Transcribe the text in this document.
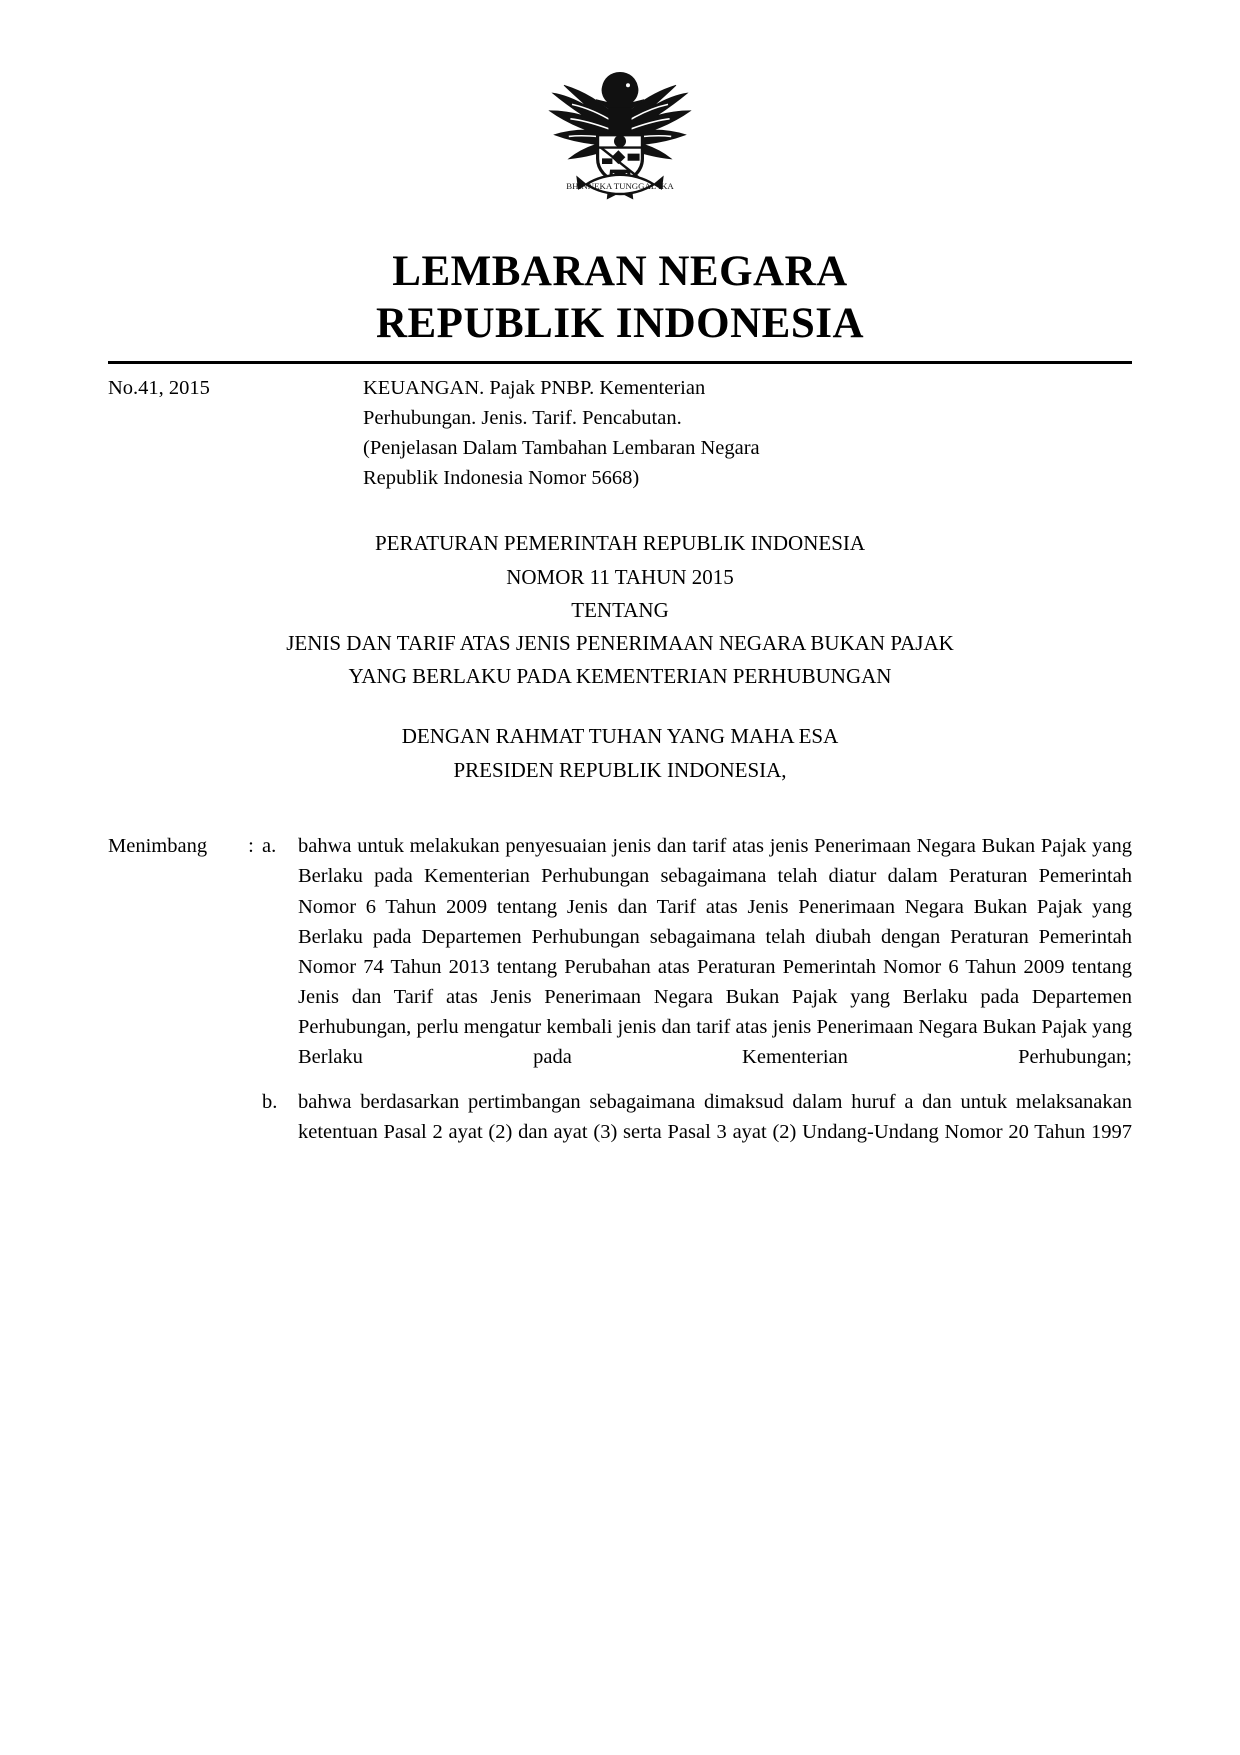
BHINNEKA TUNGGAL IKA
LEMBARAN NEGARA
REPUBLIK INDONESIA
No.41, 2015	KEUANGAN. Pajak PNBP. Kementerian

Perhubungan. Jenis. Tarif. Pencabutan.

(Penjelasan Dalam Tambahan Lembaran Negara

Republik Indonesia Nomor 5668)

PERATURAN PEMERINTAH REPUBLIK INDONESIA
NOMOR 11 TAHUN 2015
TENTANG
JENIS DAN TARIF ATAS JENIS PENERIMAAN NEGARA BUKAN PAJAK
YANG BERLAKU PADA KEMENTERIAN PERHUBUNGAN
DENGAN RAHMAT TUHAN YANG MAHA ESA
PRESIDEN REPUBLIK INDONESIA,
Menimbang	: a.	bahwa untuk melakukan penyesuaian jenis dan tarif atas jenis Penerimaan Negara Bukan Pajak yang Berlaku pada Kementerian Perhubungan sebagaimana telah diatur dalam Peraturan Pemerintah Nomor 6 Tahun 2009 tentang Jenis dan Tarif atas Jenis Penerimaan Negara Bukan Pajak yang Berlaku pada Departemen Perhubungan sebagaimana telah diubah dengan Peraturan Pemerintah Nomor 74 Tahun 2013 tentang Perubahan atas Peraturan Pemerintah Nomor 6 Tahun 2009 tentang Jenis dan Tarif atas Jenis Penerimaan Negara Bukan Pajak yang Berlaku pada Departemen Perhubungan, perlu mengatur kembali jenis dan tarif atas jenis Penerimaan Negara Bukan Pajak yang Berlaku pada Kementerian Perhubungan;
b.	bahwa berdasarkan pertimbangan sebagaimana dimaksud dalam huruf a dan untuk melaksanakan ketentuan Pasal 2 ayat (2) dan ayat (3) serta Pasal 3 ayat (2) Undang-Undang Nomor 20 Tahun 1997
